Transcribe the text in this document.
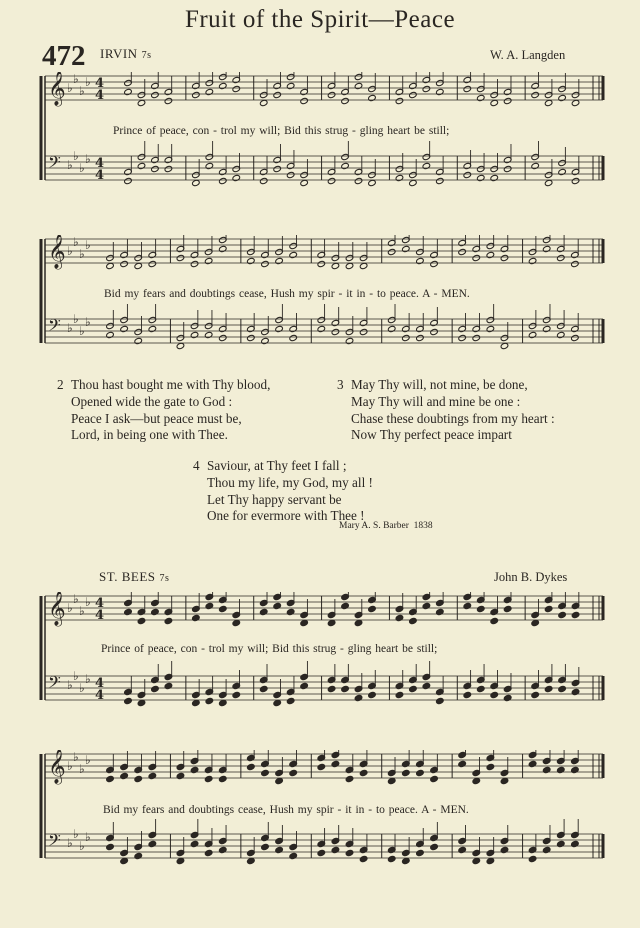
Fruit of the Spirit—Peace
472 IRVIN 7s	W. A. Langden
𝄞 ♭
♭
♭
♭ 4
4
𝄢 ♭
♭
♭
♭ 4
4
Prince of peace, con - trol my will; Bid this strug - gling heart be still;
𝄞 ♭
♭
♭
♭
𝄢 ♭
♭
♭
♭
Bid my fears and doubtings cease, Hush my spir - it in - to peace. A - MEN.
2 Thou hast bought me with Thy blood,
Opened wide the gate to God :
Peace I ask—but peace must be,
Lord, in being one with Thee.
3 May Thy will, not mine, be done,
May Thy will and mine be one :
Chase these doubtings from my heart :
Now Thy perfect peace impart
4 Saviour, at Thy feet I fall ;
Thou my life, my God, my all !
Let Thy happy servant be
One for evermore with Thee !
Mary A. S. Barber 1838
ST. BEES 7s	John B. Dykes
𝄞 ♭
♭
♭
♭ 4
4
𝄢 ♭
♭
♭
♭ 4
4
Prince of peace, con - trol my will; Bid this strug - gling heart be still;
𝄞 ♭
♭
♭
♭
𝄢 ♭
♭
♭
♭
Bid my fears and doubtings cease, Hush my spir - it in - to peace. A - MEN.
